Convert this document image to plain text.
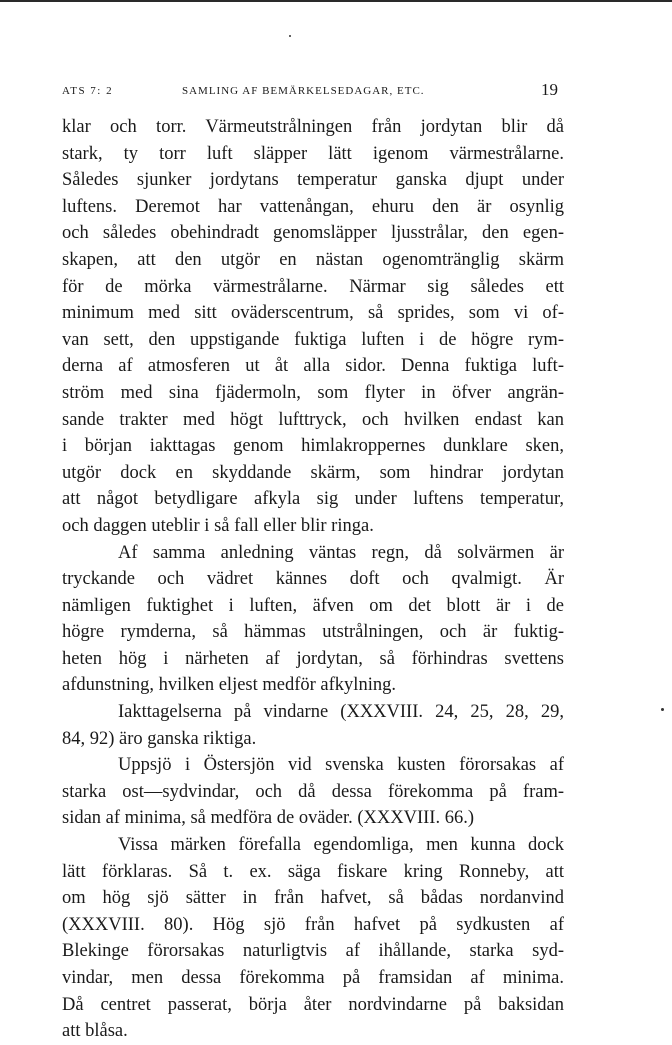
ATS 7: 2	SAMLING AF BEMÄRKELSEDAGAR, ETC.	19
klar och torr. Värmeutstrålningen från jordytan blir då
stark, ty torr luft släpper lätt igenom värmestrålarne.
Således sjunker jordytans temperatur ganska djupt under
luftens. Deremot har vattenångan, ehuru den är osynlig
och således obehindradt genomsläpper ljusstrålar, den egen-
skapen, att den utgör en nästan ogenomtränglig skärm
för de mörka värmestrålarne. Närmar sig således ett
minimum med sitt oväderscentrum, så sprides, som vi of-
van sett, den uppstigande fuktiga luften i de högre rym-
derna af atmosferen ut åt alla sidor. Denna fuktiga luft-
ström med sina fjädermoln, som flyter in öfver angrän-
sande trakter med högt lufttryck, och hvilken endast kan
i början iakttagas genom himlakroppernes dunklare sken,
utgör dock en skyddande skärm, som hindrar jordytan
att något betydligare afkyla sig under luftens temperatur,
och daggen uteblir i så fall eller blir ringa.
Af samma anledning väntas regn, då solvärmen är
tryckande och vädret kännes doft och qvalmigt. Är
nämligen fuktighet i luften, äfven om det blott är i de
högre rymderna, så hämmas utstrålningen, och är fuktig-
heten hög i närheten af jordytan, så förhindras svettens
afdunstning, hvilken eljest medför afkylning.
Iakttagelserna på vindarne (XXXVIII. 24, 25, 28, 29,
84, 92) äro ganska riktiga.
Uppsjö i Östersjön vid svenska kusten förorsakas af
starka ost—sydvindar, och då dessa förekomma på fram-
sidan af minima, så medföra de oväder. (XXXVIII. 66.)
Vissa märken förefalla egendomliga, men kunna dock
lätt förklaras. Så t. ex. säga fiskare kring Ronneby, att
om hög sjö sätter in från hafvet, så bådas nordanvind
(XXXVIII. 80). Hög sjö från hafvet på sydkusten af
Blekinge förorsakas naturligtvis af ihållande, starka syd-
vindar, men dessa förekomma på framsidan af minima.
Då centret passerat, börja åter nordvindarne på baksidan
att blåsa.
